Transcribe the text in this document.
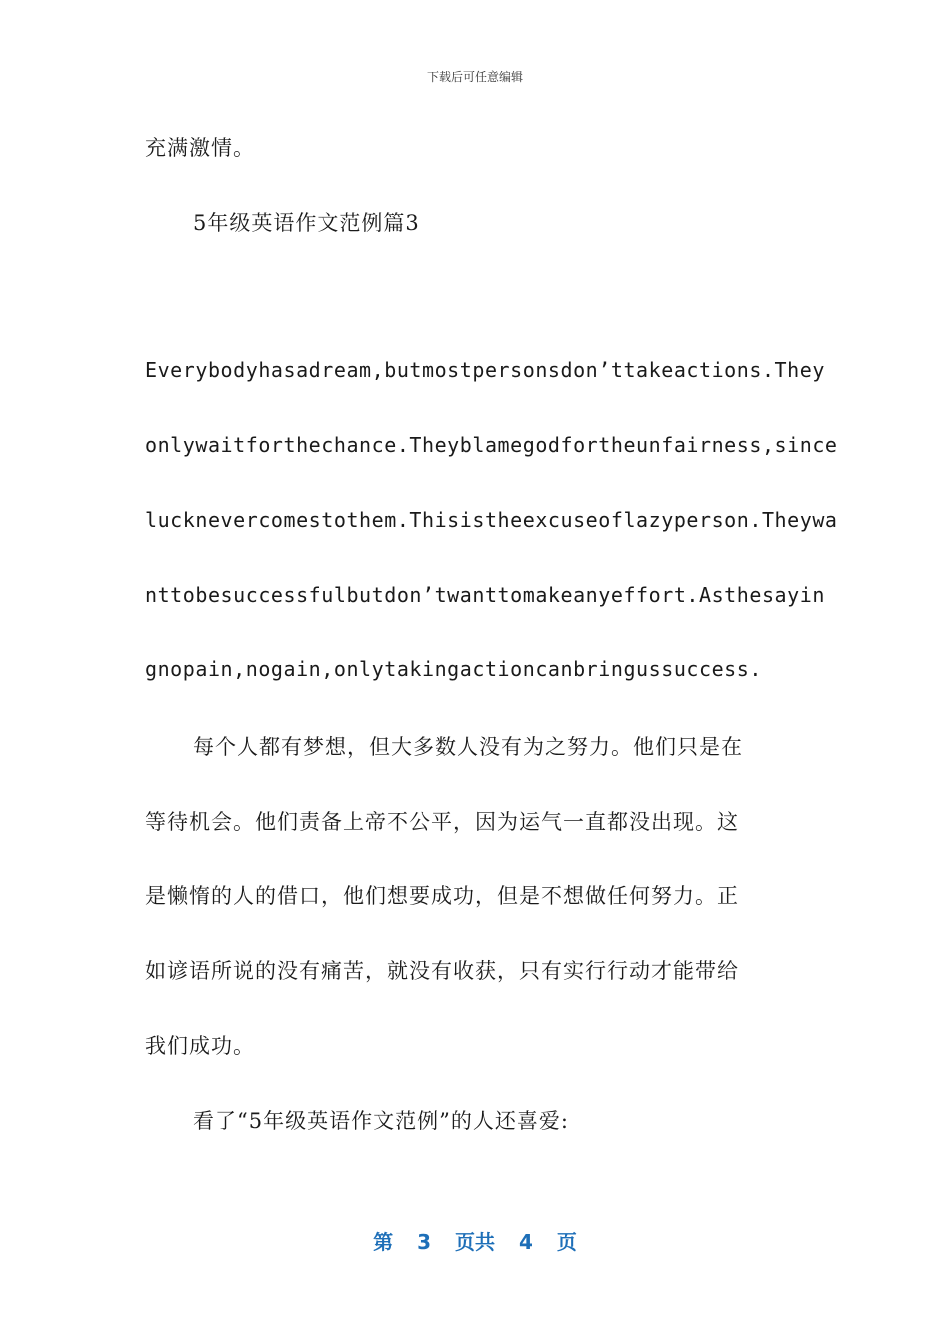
下载后可任意编辑
充满激情。
5年级英语作文范例篇3
Everybodyhasadream,butmostpersonsdon’ttakeactions.They
onlywaitforthechance.Theyblamegodfortheunfairness,since
lucknevercomestothem.Thisistheexcuseoflazyperson.Theywa
nttobesuccessfulbutdon’twanttomakeanyeffort.Asthesayin
gnopain,nogain,onlytakingactioncanbringussuccess.
每个人都有梦想，但大多数人没有为之努力。他们只是在
等待机会。他们责备上帝不公平，因为运气一直都没出现。这
是懒惰的人的借口，他们想要成功，但是不想做任何努力。正
如谚语所说的没有痛苦，就没有收获，只有实行行动才能带给
我们成功。
看了“5年级英语作文范例”的人还喜爱:
第 3 页共 4 页
